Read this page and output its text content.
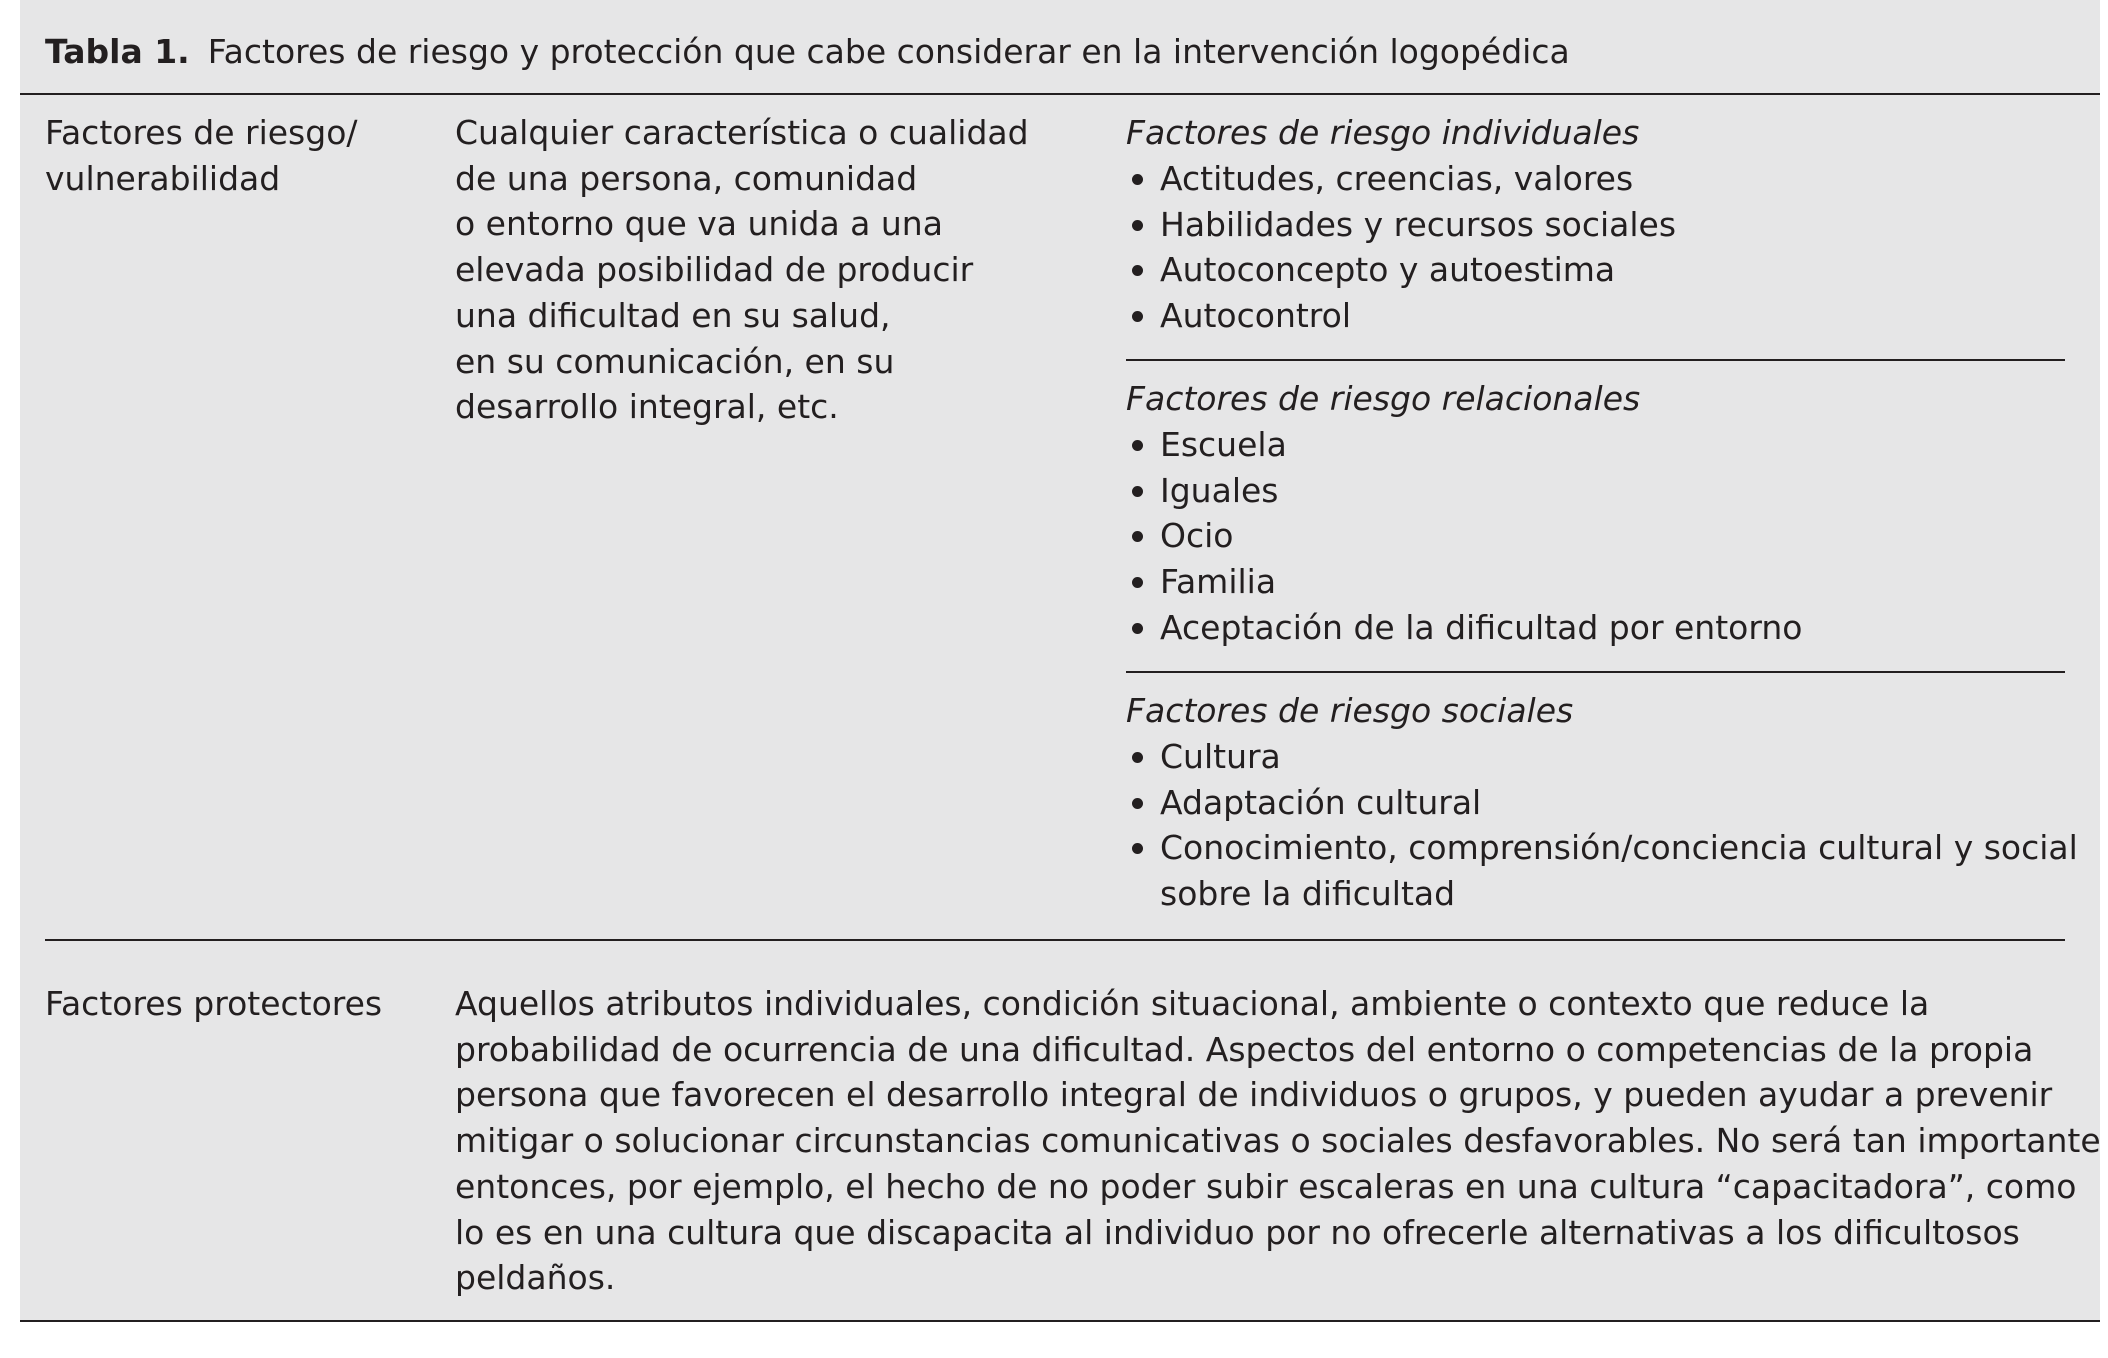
Tabla 1. Factores de riesgo y protección que cabe considerar en la intervención logopédica
Factores de riesgo/
vulnerabilidad
Cualquier característica o cualidad
de una persona, comunidad
o entorno que va unida a una
elevada posibilidad de producir
una dificultad en su salud,
en su comunicación, en su
desarrollo integral, etc.
Factores de riesgo individuales
Actitudes, creencias, valores
Habilidades y recursos sociales
Autoconcepto y autoestima
Autocontrol
Factores de riesgo relacionales
Escuela
Iguales
Ocio
Familia
Aceptación de la dificultad por entorno
Factores de riesgo sociales
Cultura
Adaptación cultural
Conocimiento, comprensión/conciencia cultural y social
sobre la dificultad
Factores protectores Aquellos atributos individuales, condición situacional, ambiente o contexto que reduce la
probabilidad de ocurrencia de una dificultad. Aspectos del entorno o competencias de la propia
persona que favorecen el desarrollo integral de individuos o grupos, y pueden ayudar a prevenir
mitigar o solucionar circunstancias comunicativas o sociales desfavorables. No será tan importante
entonces, por ejemplo, el hecho de no poder subir escaleras en una cultura “capacitadora”, como
lo es en una cultura que discapacita al individuo por no ofrecerle alternativas a los dificultosos
peldaños.
